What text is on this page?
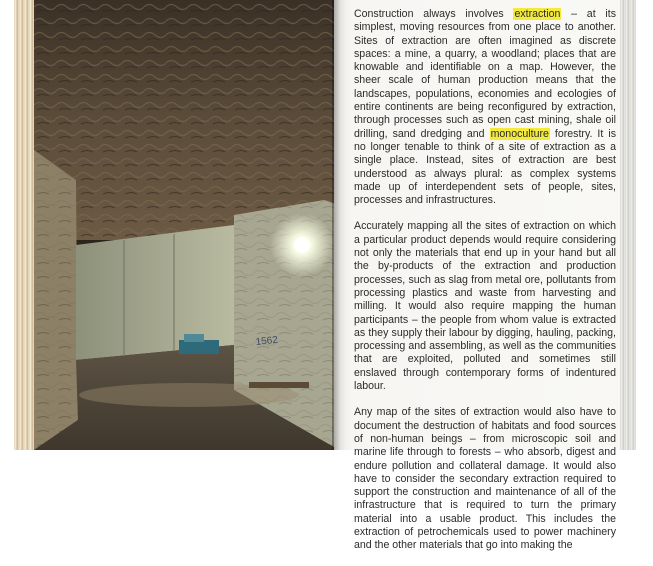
1562

Construction always involves extraction – at its simplest, moving resources from one place to another. Sites of extraction are often imagined as discrete spaces: a mine, a quarry, a woodland; places that are knowable and identifiable on a map. However, the sheer scale of human production means that the landscapes, populations, economies and ecologies of entire continents are being reconfigured by extraction, through processes such as open cast mining, shale oil drilling, sand dredging and monoculture forestry. It is no longer tenable to think of a site of extraction as a single place. Instead, sites of extraction are best understood as always plural: as complex systems made up of interdependent sets of people, sites, processes and infrastructures.

Accurately mapping all the sites of extraction on which a particular product depends would require considering not only the materials that end up in your hand but all the by-products of the extraction and production processes, such as slag from metal ore, pollutants from processing plastics and waste from harvesting and milling. It would also require mapping the human participants – the people from whom value is extracted as they supply their labour by digging, hauling, packing, processing and assembling, as well as the communities that are exploited, polluted and sometimes still enslaved through contemporary forms of indentured labour.

Any map of the sites of extraction would also have to document the destruction of habitats and food sources of non-human beings – from microscopic soil and marine life through to forests – who absorb, digest and endure pollution and collateral damage. It would also have to consider the secondary extraction required to support the construction and maintenance of all of the infrastructure that is required to turn the primary material into a usable product. This includes the extraction of petrochemicals used to power machinery and the other materials that go into making the
